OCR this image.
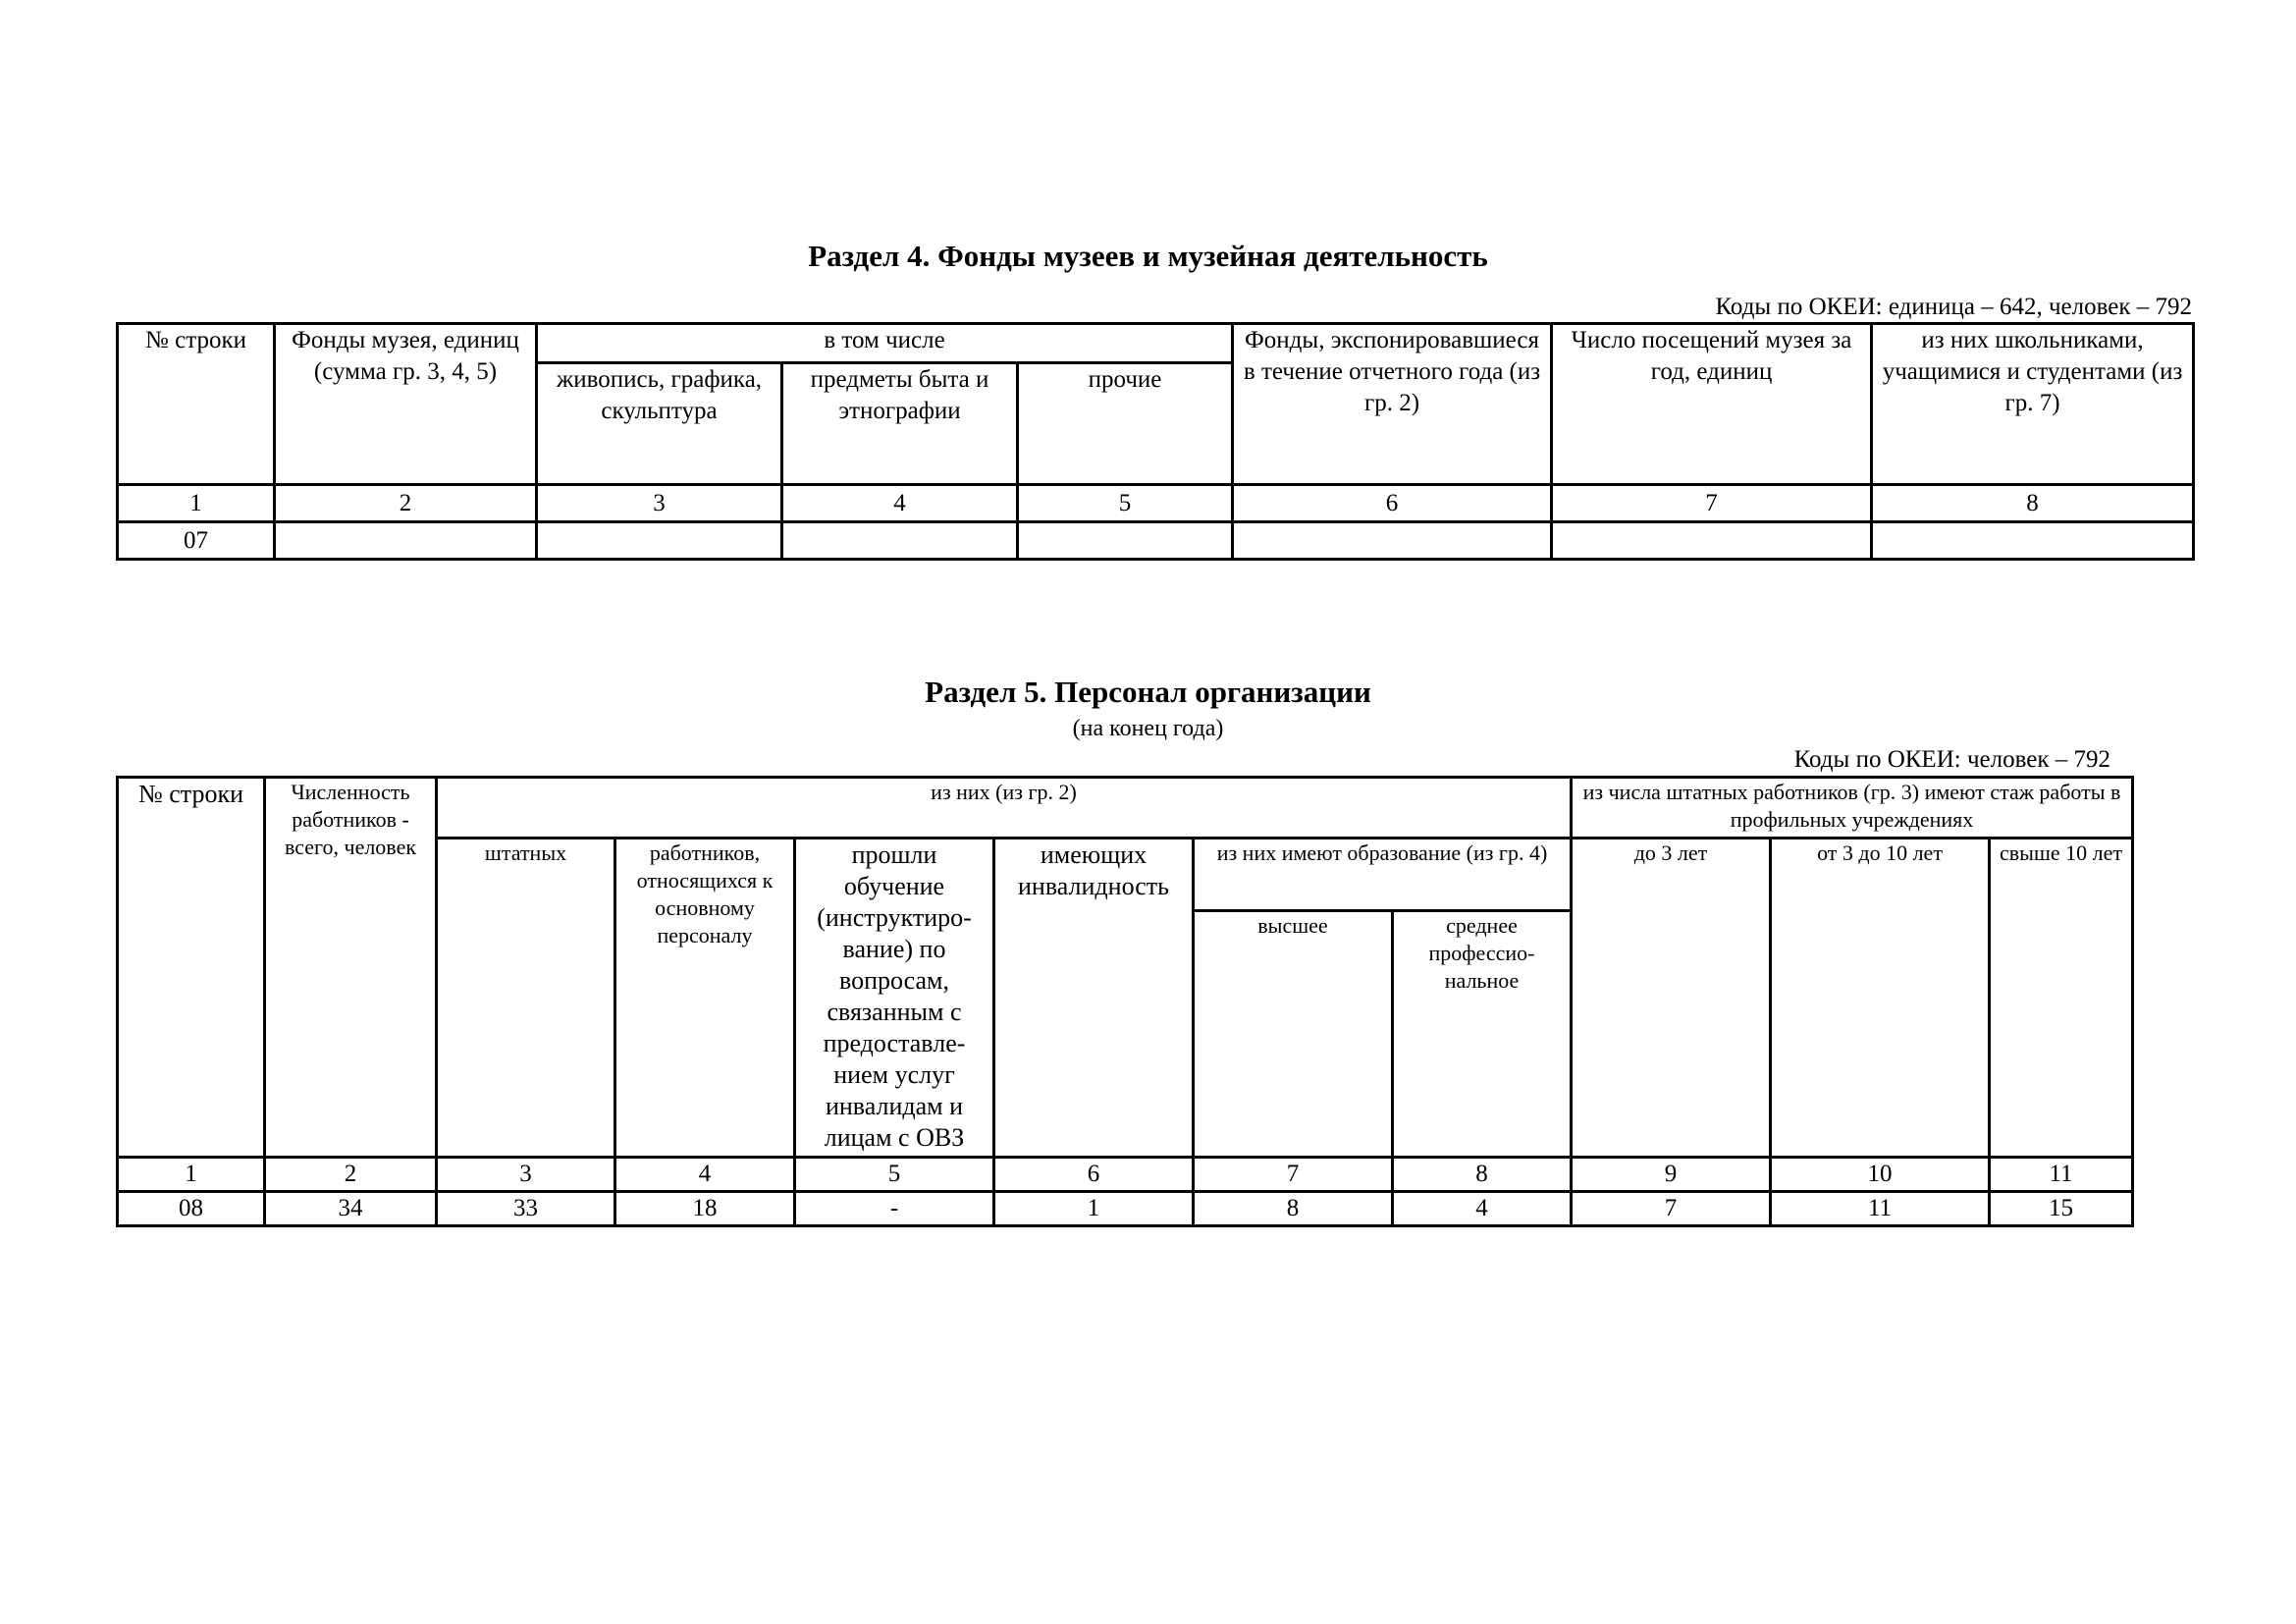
Раздел 4. Фонды музеев и музейная деятельность
Коды по ОКЕИ: единица – 642, человек – 792
№ строки	Фонды музея, единиц (сумма гр. 3, 4, 5)	в том числе			Фонды, экспонировавшиеся в течение отчетного года (из гр. 2)	Число посещений музея за год, единиц	из них школьниками, учащимися и студентами (из гр. 7)
		живопись, графика, скульптура	предметы быта и этнографии	прочие			
1	2	3	4	5	6	7	8
07							
Раздел 5. Персонал организации
(на конец года)
Коды по ОКЕИ: человек – 792
№ строки	Численность работников - всего, человек	из них (из гр. 2)						из числа штатных работников (гр. 3) имеют стаж работы в профильных учреждениях		
		штатных	работников, относящихся к основному персоналу	прошли обучение (инструктиро-вание) по вопросам, связанным с предоставле-нием услуг инвалидам и лицам с ОВЗ	имеющих инвалидность	из них имеют образование (из гр. 4)		до 3 лет	от 3 до 10 лет	свыше 10 лет
						высшее	среднее профессио-нальное			
1	2	3	4	5	6	7	8	9	10	11
08	34	33	18	-	1	8	4	7	11	15
